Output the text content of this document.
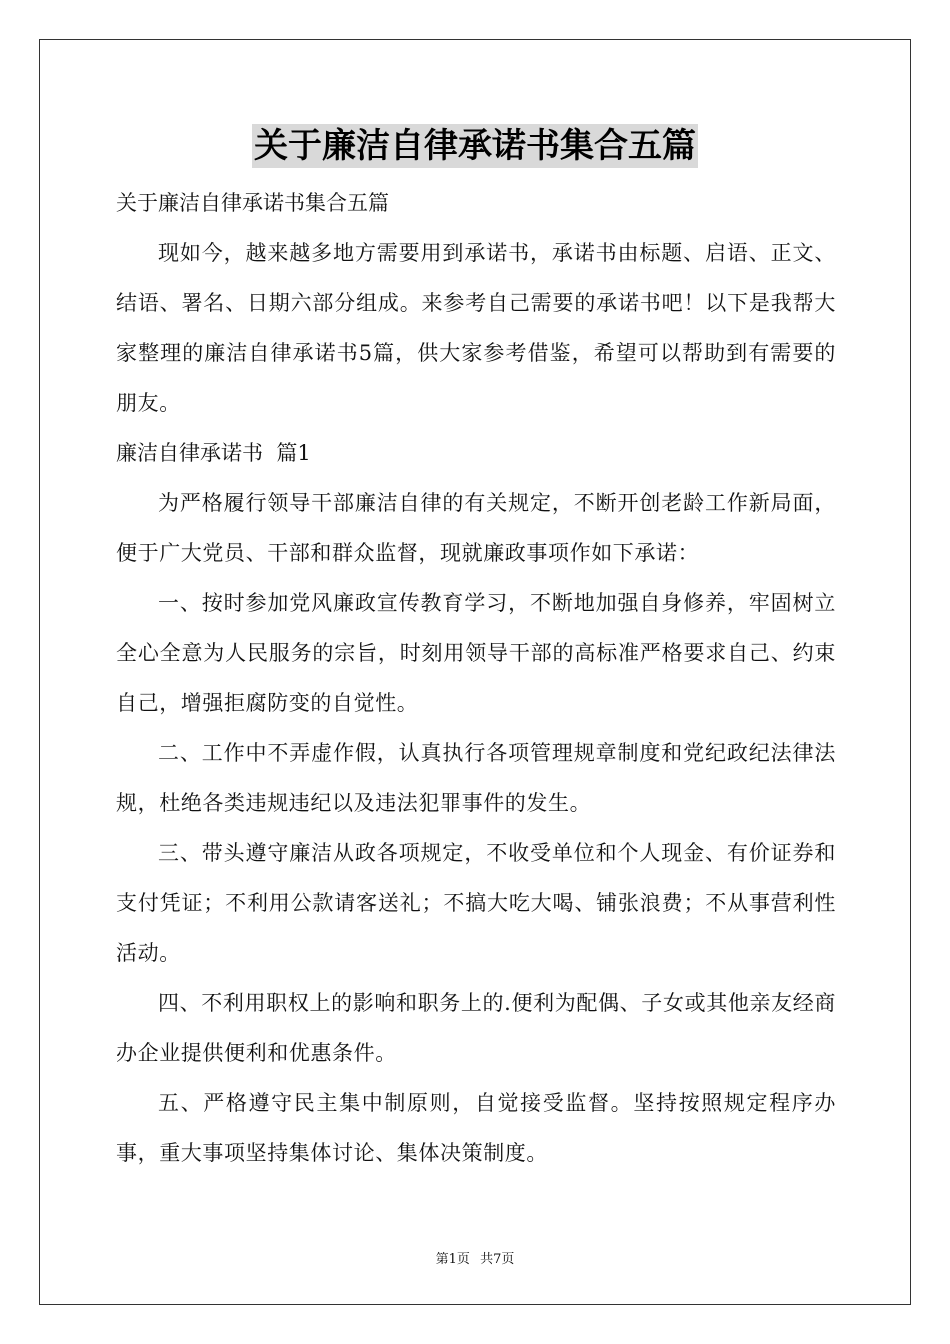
关于廉洁自律承诺书集合五篇

关于廉洁自律承诺书集合五篇

现如今，越来越多地方需要用到承诺书，承诺书由标题、启语、正文、结语、署名、日期六部分组成。来参考自己需要的承诺书吧！以下是我帮大家整理的廉洁自律承诺书5篇，供大家参考借鉴，希望可以帮助到有需要的朋友。

廉洁自律承诺书  篇1

为严格履行领导干部廉洁自律的有关规定，不断开创老龄工作新局面，便于广大党员、干部和群众监督，现就廉政事项作如下承诺：

一、按时参加党风廉政宣传教育学习，不断地加强自身修养，牢固树立全心全意为人民服务的宗旨，时刻用领导干部的高标准严格要求自己、约束自己，增强拒腐防变的自觉性。

二、工作中不弄虚作假，认真执行各项管理规章制度和党纪政纪法律法规，杜绝各类违规违纪以及违法犯罪事件的发生。

三、带头遵守廉洁从政各项规定，不收受单位和个人现金、有价证券和支付凭证；不利用公款请客送礼；不搞大吃大喝、铺张浪费；不从事营利性活动。

四、不利用职权上的影响和职务上的.便利为配偶、子女或其他亲友经商办企业提供便利和优惠条件。

五、严格遵守民主集中制原则，自觉接受监督。坚持按照规定程序办事，重大事项坚持集体讨论、集体决策制度。

第1页 共7页
